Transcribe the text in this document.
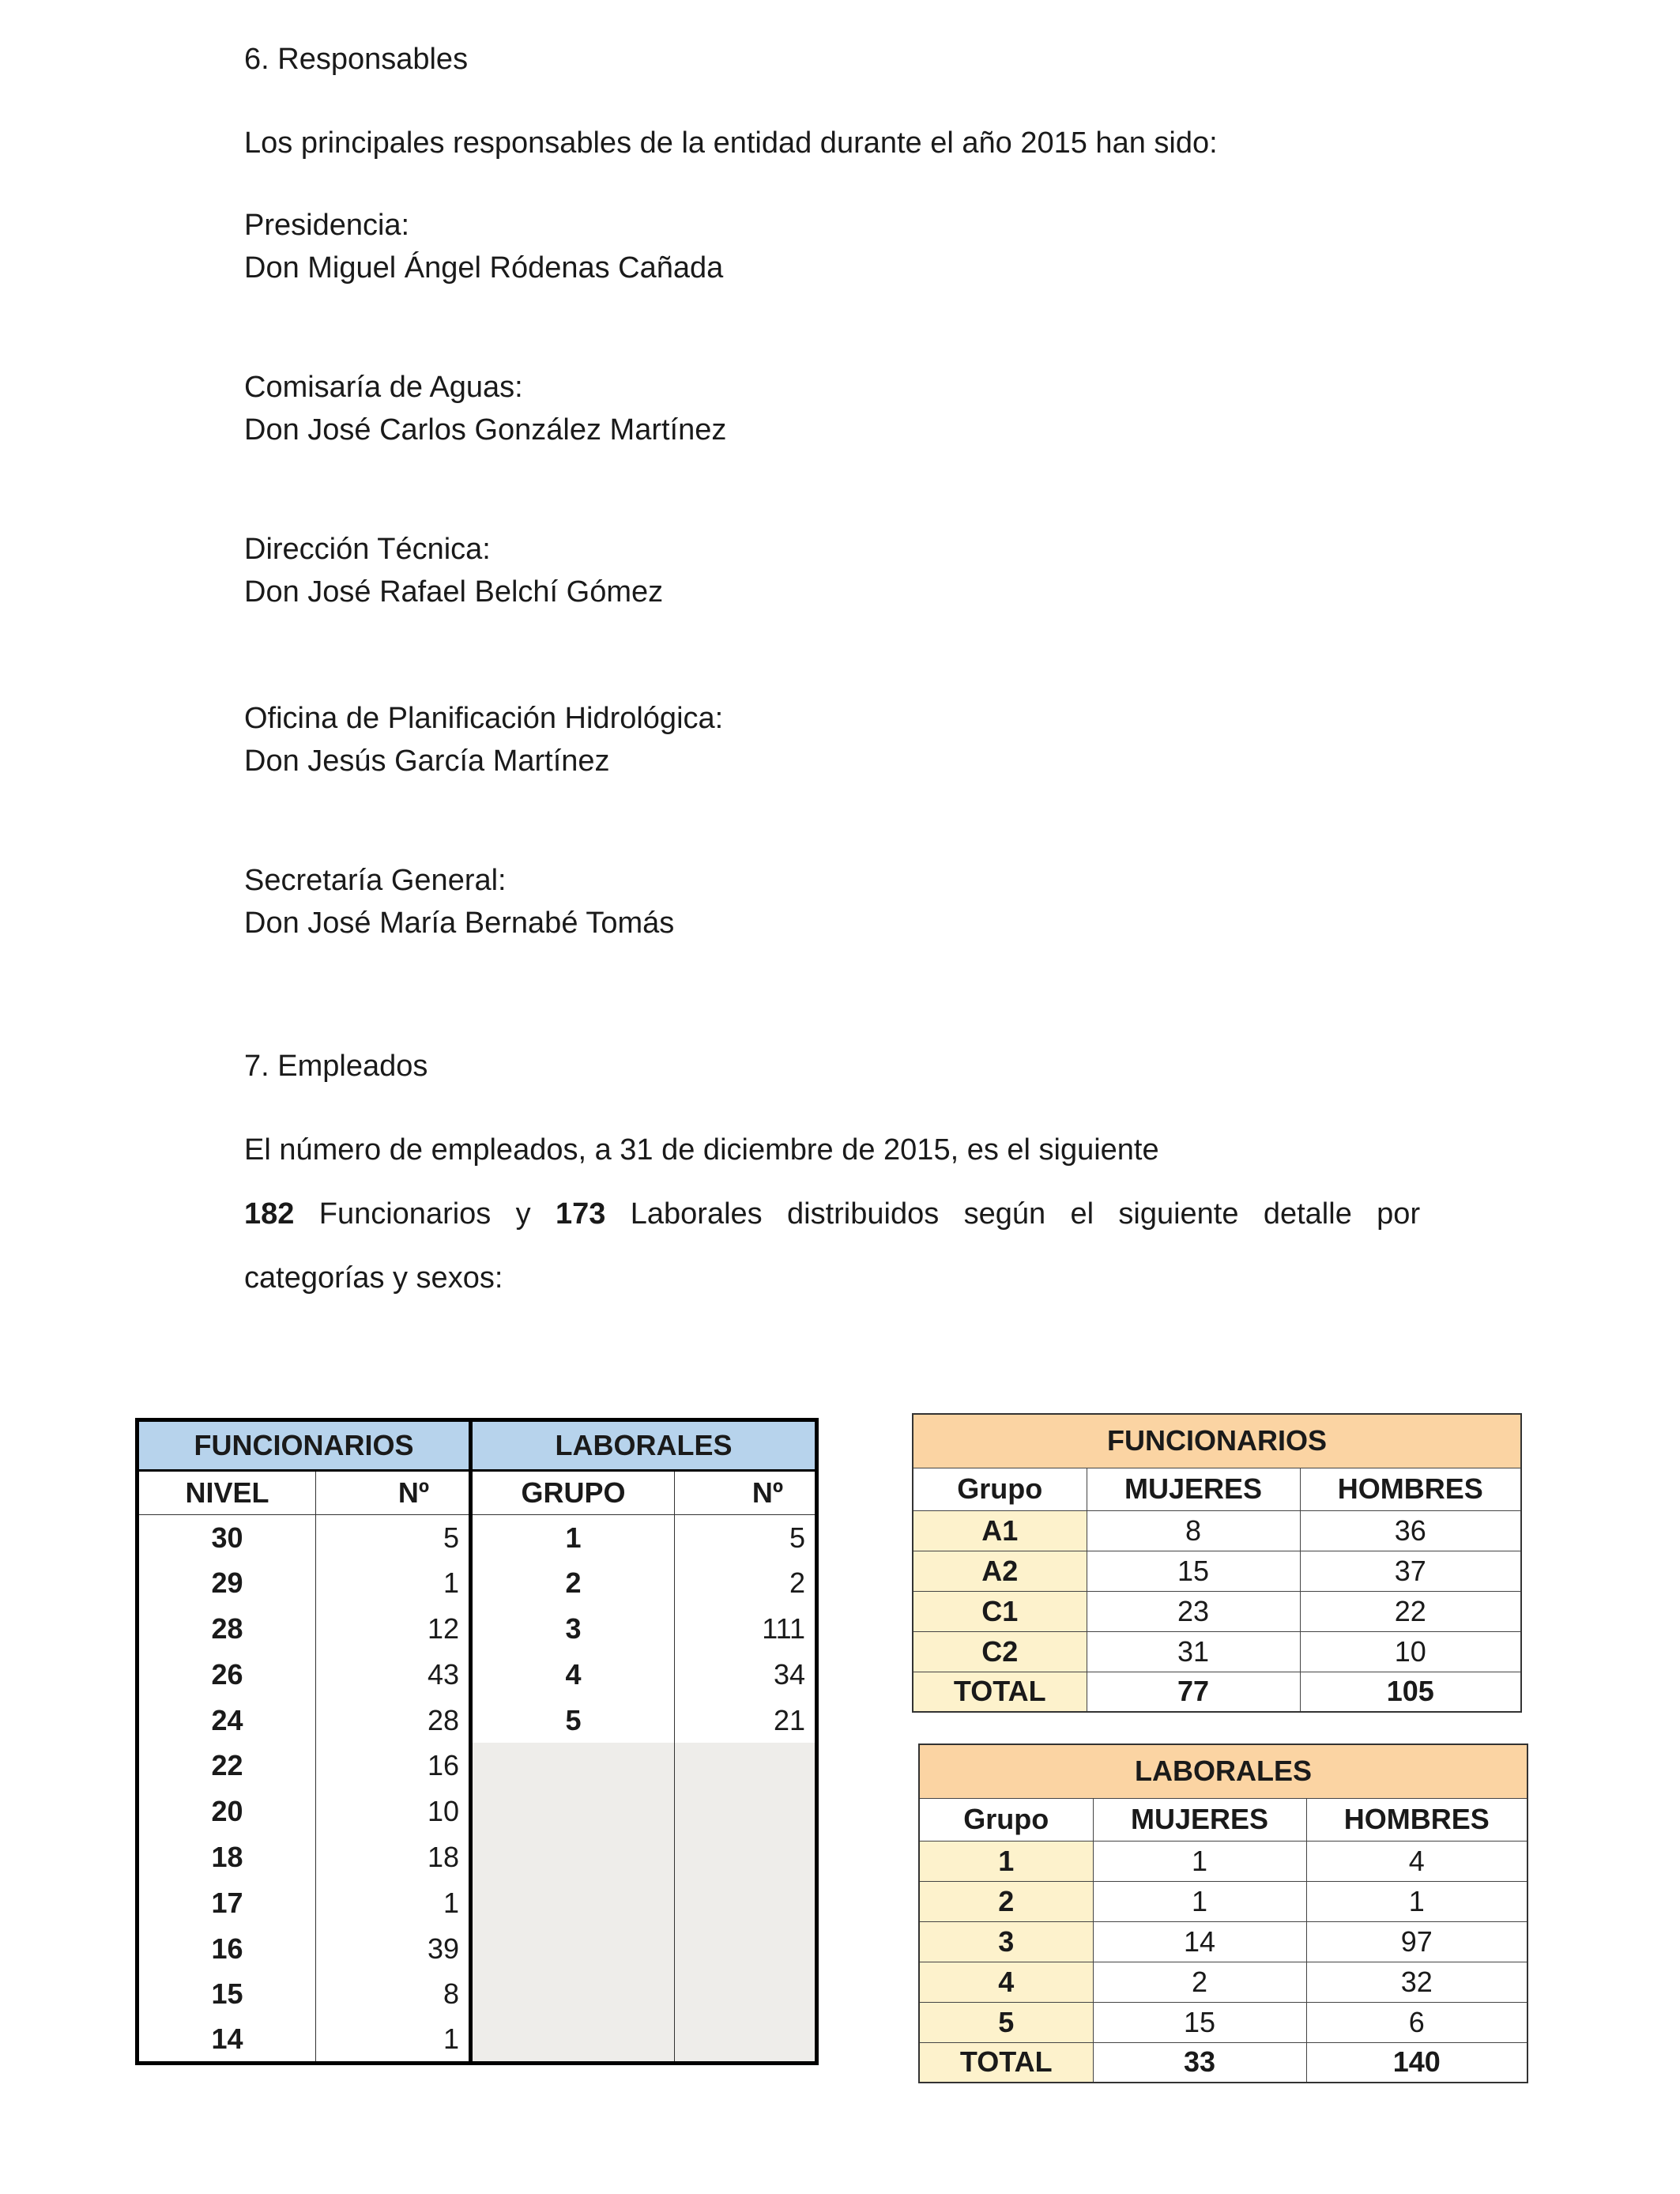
6. Responsables
Los principales responsables de la entidad durante el año 2015 han sido:
Presidencia:
Don Miguel Ángel Ródenas Cañada
Comisaría de Aguas:
Don José Carlos González Martínez
Dirección Técnica:
Don José Rafael Belchí Gómez
Oficina de Planificación Hidrológica:
Don Jesús García Martínez
Secretaría General:
Don José María Bernabé Tomás
7. Empleados
El número de empleados, a 31 de diciembre de 2015, es el siguiente
182 Funcionarios y 173 Laborales distribuidos según el siguiente detalle por
categorías y sexos:
FUNCIONARIOS		LABORALES	
NIVEL	Nº	GRUPO	Nº
30	5	1	5
29	1	2	2
28	12	3	111
26	43	4	34
24	28	5	21
22	16		
20	10		
18	18		
17	1		
16	39		
15	8		
14	1		
FUNCIONARIOS		
Grupo	MUJERES	HOMBRES
A1	8	36
A2	15	37
C1	23	22
C2	31	10
TOTAL	77	105
LABORALES		
Grupo	MUJERES	HOMBRES
1	1	4
2	1	1
3	14	97
4	2	32
5	15	6
TOTAL	33	140
